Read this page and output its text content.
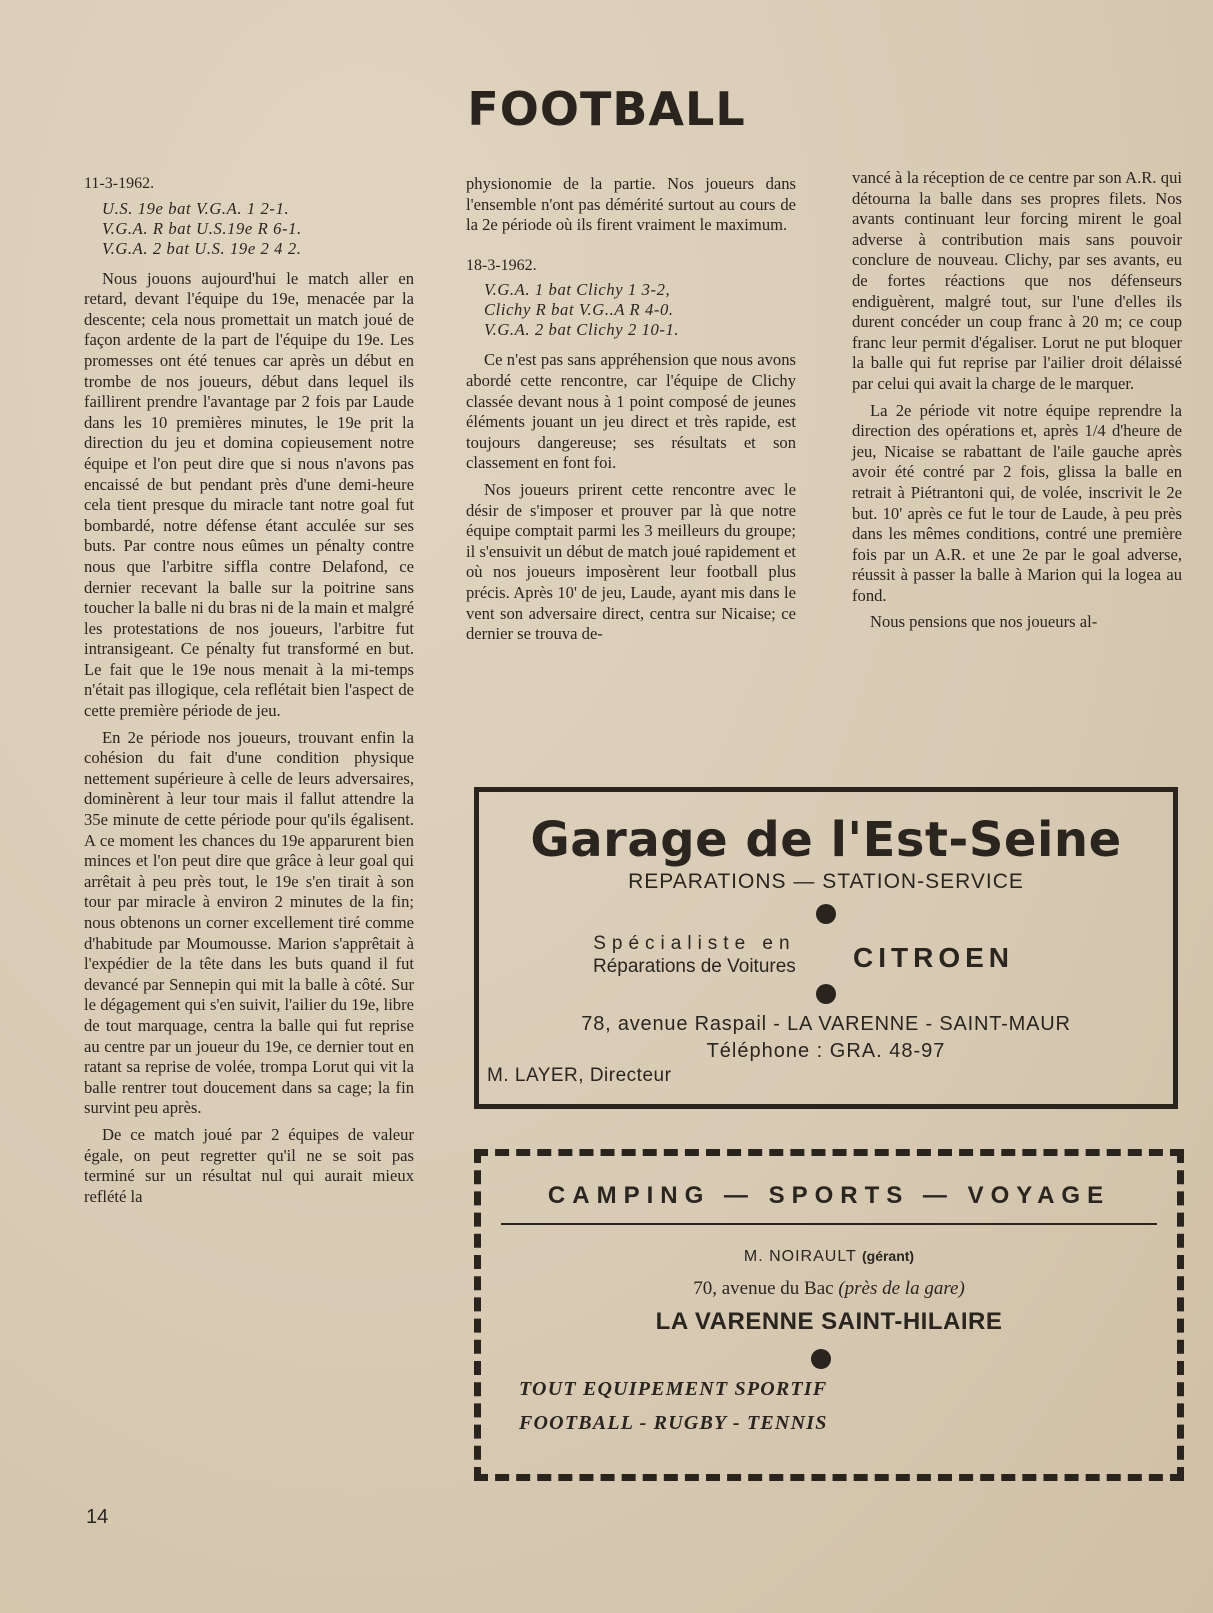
FOOTBALL
11-3-1962.
U.S. 19e bat V.G.A. 1 2-1.
V.G.A. R bat U.S.19e R 6-1.
V.G.A. 2 bat U.S. 19e 2 4 2.

Nous jouons aujourd'hui le match aller en retard, devant l'équipe du 19e, menacée par la descente; cela nous promettait un match joué de façon ardente de la part de l'équipe du 19e. Les promesses ont été tenues car après un début en trombe de nos joueurs, début dans lequel ils faillirent prendre l'avantage par 2 fois par Laude dans les 10 premières minutes, le 19e prit la direction du jeu et domina copieusement notre équipe et l'on peut dire que si nous n'avons pas encaissé de but pendant près d'une demi-heure cela tient presque du miracle tant notre goal fut bombardé, notre défense étant acculée sur ses buts. Par contre nous eûmes un pénalty contre nous que l'arbitre siffla contre Delafond, ce dernier recevant la balle sur la poitrine sans toucher la balle ni du bras ni de la main et malgré les protestations de nos joueurs, l'arbitre fut intransigeant. Ce pénalty fut transformé en but. Le fait que le 19e nous menait à la mi-temps n'était pas illogique, cela reflétait bien l'aspect de cette première période de jeu.

En 2e période nos joueurs, trouvant enfin la cohésion du fait d'une condition physique nettement supérieure à celle de leurs adversaires, dominèrent à leur tour mais il fallut attendre la 35e minute de cette période pour qu'ils égalisent. A ce moment les chances du 19e apparurent bien minces et l'on peut dire que grâce à leur goal qui arrêtait à peu près tout, le 19e s'en tirait à son tour par miracle à environ 2 minutes de la fin; nous obtenons un corner excellement tiré comme d'habitude par Moumousse. Marion s'apprêtait à l'expédier de la tête dans les buts quand il fut devancé par Sennepin qui mit la balle à côté. Sur le dégagement qui s'en suivit, l'ailier du 19e, libre de tout marquage, centra la balle qui fut reprise au centre par un joueur du 19e, ce dernier tout en ratant sa reprise de volée, trompa Lorut qui vit la balle rentrer tout doucement dans sa cage; la fin survint peu après.

De ce match joué par 2 équipes de valeur égale, on peut regretter qu'il ne se soit pas terminé sur un résultat nul qui aurait mieux reflété la

physionomie de la partie. Nos joueurs dans l'ensemble n'ont pas démérité surtout au cours de la 2e période où ils firent vraiment le maximum.

18-3-1962.
V.G.A. 1 bat Clichy 1 3-2,
Clichy R bat V.G..A R 4-0.
V.G.A. 2 bat Clichy 2 10-1.

Ce n'est pas sans appréhension que nous avons abordé cette rencontre, car l'équipe de Clichy classée devant nous à 1 point composé de jeunes éléments jouant un jeu direct et très rapide, est toujours dangereuse; ses résultats et son classement en font foi.

Nos joueurs prirent cette rencontre avec le désir de s'imposer et prouver par là que notre équipe comptait parmi les 3 meilleurs du groupe; il s'ensuivit un début de match joué rapidement et où nos joueurs imposèrent leur football plus précis. Après 10' de jeu, Laude, ayant mis dans le vent son adversaire direct, centra sur Nicaise; ce dernier se trouva de-

vancé à la réception de ce centre par son A.R. qui détourna la balle dans ses propres filets. Nos avants continuant leur forcing mirent le goal adverse à contribution mais sans pouvoir conclure de nouveau. Clichy, par ses avants, eu de fortes réactions que nos défenseurs endiguèrent, malgré tout, sur l'une d'elles ils durent concéder un coup franc à 20 m; ce coup franc leur permit d'égaliser. Lorut ne put bloquer la balle qui fut reprise par l'ailier droit délaissé par celui qui avait la charge de le marquer.

La 2e période vit notre équipe reprendre la direction des opérations et, après 1/4 d'heure de jeu, Nicaise se rabattant de l'aile gauche après avoir été contré par 2 fois, glissa la balle en retrait à Piétrantoni qui, de volée, inscrivit le 2e but. 10' après ce fut le tour de Laude, à peu près dans les mêmes conditions, contré une première fois par un A.R. et une 2e par le goal adverse, réussit à passer la balle à Marion qui la logea au fond.

Nous pensions que nos joueurs al-

Garage de l'Est-Seine
REPARATIONS — STATION-SERVICE
Spécialiste en
Réparations de Voitures CITROEN
78, avenue Raspail - LA VARENNE - SAINT-MAUR
Téléphone : GRA. 48-97
M. LAYER, Directeur
CAMPING — SPORTS — VOYAGE
M. NOIRAULT (gérant)
70, avenue du Bac (près de la gare)
LA VARENNE SAINT-HILAIRE
TOUT EQUIPEMENT SPORTIF
FOOTBALL - RUGBY - TENNIS
14
